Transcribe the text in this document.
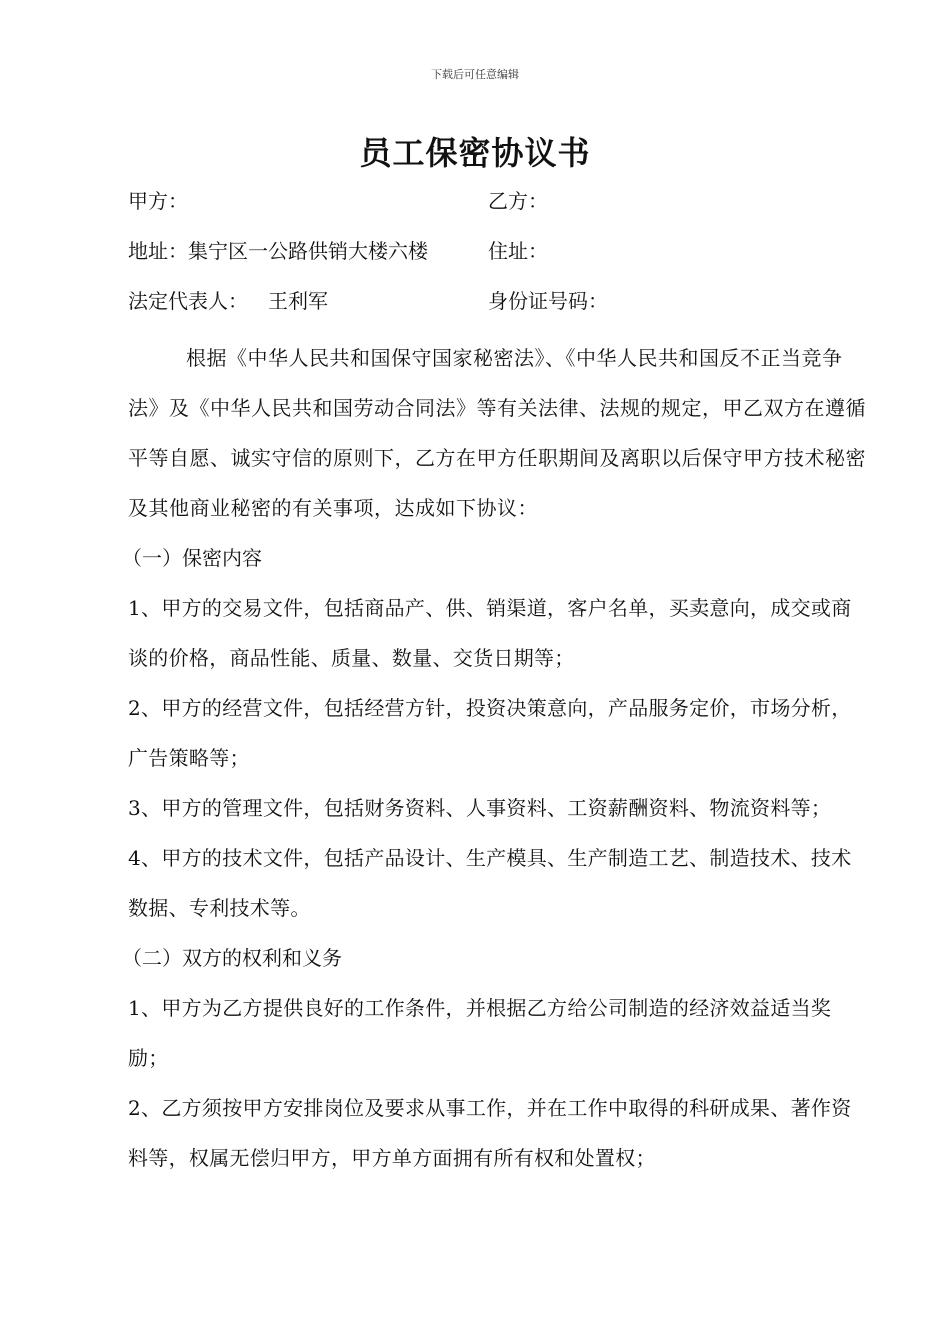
下载后可任意编辑
员工保密协议书
甲方：	乙方：
地址：集宁区一公路供销大楼六楼	住址：
法定代表人： 王利军	身份证号码：

根据《中华人民共和国保守国家秘密法》、《中华人民共和国反不正当竞争法》及《中华人民共和国劳动合同法》等有关法律、法规的规定，甲乙双方在遵循平等自愿、诚实守信的原则下，乙方在甲方任职期间及离职以后保守甲方技术秘密及其他商业秘密的有关事项，达成如下协议：

（一）保密内容

1、甲方的交易文件，包括商品产、供、销渠道，客户名单，买卖意向，成交或商谈的价格，商品性能、质量、数量、交货日期等；

2、甲方的经营文件，包括经营方针，投资决策意向，产品服务定价，市场分析，广告策略等；

3、甲方的管理文件，包括财务资料、人事资料、工资薪酬资料、物流资料等；

4、甲方的技术文件，包括产品设计、生产模具、生产制造工艺、制造技术、技术数据、专利技术等。

（二）双方的权利和义务

1、甲方为乙方提供良好的工作条件，并根据乙方给公司制造的经济效益适当奖励；

2、乙方须按甲方安排岗位及要求从事工作，并在工作中取得的科研成果、著作资料等，权属无偿归甲方，甲方单方面拥有所有权和处置权；
